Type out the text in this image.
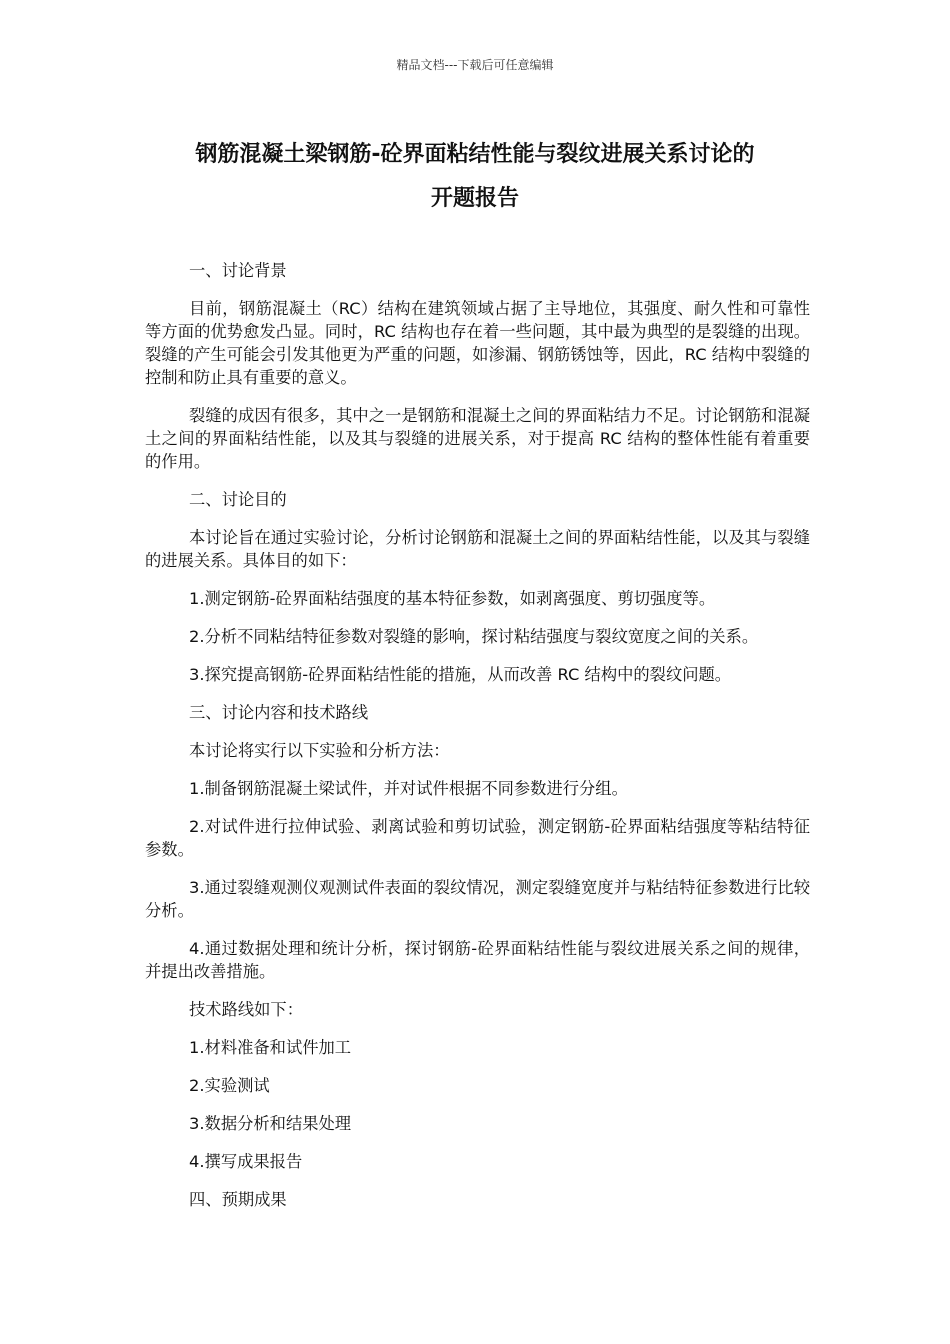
精品文档---下载后可任意编辑
钢筋混凝土梁钢筋-砼界面粘结性能与裂纹进展关系讨论的
开题报告

一、讨论背景

目前，钢筋混凝土（RC）结构在建筑领域占据了主导地位，其强度、耐久性和可靠性等方面的优势愈发凸显。同时，RC 结构也存在着一些问题，其中最为典型的是裂缝的出现。裂缝的产生可能会引发其他更为严重的问题，如渗漏、钢筋锈蚀等，因此，RC 结构中裂缝的控制和防止具有重要的意义。

裂缝的成因有很多，其中之一是钢筋和混凝土之间的界面粘结力不足。讨论钢筋和混凝土之间的界面粘结性能，以及其与裂缝的进展关系，对于提高 RC 结构的整体性能有着重要的作用。

二、讨论目的

本讨论旨在通过实验讨论，分析讨论钢筋和混凝土之间的界面粘结性能，以及其与裂缝的进展关系。具体目的如下：

1.测定钢筋-砼界面粘结强度的基本特征参数，如剥离强度、剪切强度等。

2.分析不同粘结特征参数对裂缝的影响，探讨粘结强度与裂纹宽度之间的关系。

3.探究提高钢筋-砼界面粘结性能的措施，从而改善 RC 结构中的裂纹问题。

三、讨论内容和技术路线

本讨论将实行以下实验和分析方法：

1.制备钢筋混凝土梁试件，并对试件根据不同参数进行分组。

2.对试件进行拉伸试验、剥离试验和剪切试验，测定钢筋-砼界面粘结强度等粘结特征参数。

3.通过裂缝观测仪观测试件表面的裂纹情况，测定裂缝宽度并与粘结特征参数进行比较分析。

4.通过数据处理和统计分析，探讨钢筋-砼界面粘结性能与裂纹进展关系之间的规律，并提出改善措施。

技术路线如下：

1.材料准备和试件加工

2.实验测试

3.数据分析和结果处理

4.撰写成果报告

四、预期成果
